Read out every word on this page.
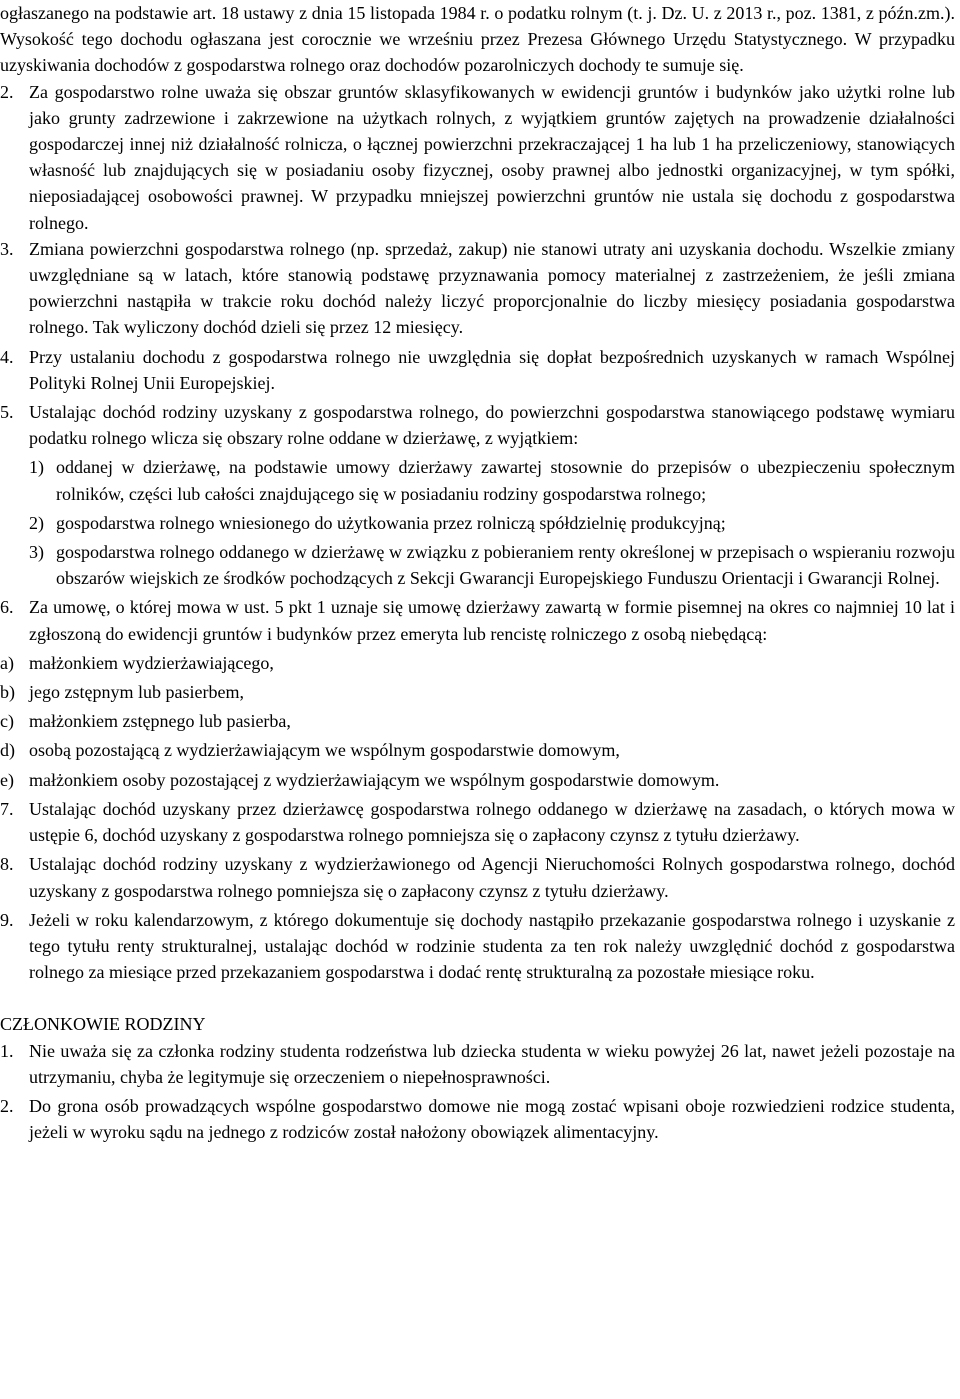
ogłaszanego na podstawie art. 18 ustawy z dnia 15 listopada 1984 r. o podatku rolnym (t. j. Dz. U. z 2013 r., poz. 1381, z późn.zm.). Wysokość tego dochodu ogłaszana jest corocznie we wrześniu przez Prezesa Głównego Urzędu Statystycznego. W przypadku uzyskiwania dochodów z gospodarstwa rolnego oraz dochodów pozarolniczych dochody te sumuje się.

2. Za gospodarstwo rolne uważa się obszar gruntów sklasyfikowanych w ewidencji gruntów i budynków jako użytki rolne lub jako grunty zadrzewione i zakrzewione na użytkach rolnych, z wyjątkiem gruntów zajętych na prowadzenie działalności gospodarczej innej niż działalność rolnicza, o łącznej powierzchni przekraczającej 1 ha lub 1 ha przeliczeniowy, stanowiących własność lub znajdujących się w posiadaniu osoby fizycznej, osoby prawnej albo jednostki organizacyjnej, w tym spółki, nieposiadającej osobowości prawnej. W przypadku mniejszej powierzchni gruntów nie ustala się dochodu z gospodarstwa rolnego.
3. Zmiana powierzchni gospodarstwa rolnego (np. sprzedaż, zakup) nie stanowi utraty ani uzyskania dochodu. Wszelkie zmiany uwzględniane są w latach, które stanowią podstawę przyznawania pomocy materialnej z zastrzeżeniem, że jeśli zmiana powierzchni nastąpiła w trakcie roku dochód należy liczyć proporcjonalnie do liczby miesięcy posiadania gospodarstwa rolnego. Tak wyliczony dochód dzieli się przez 12 miesięcy.
4. Przy ustalaniu dochodu z gospodarstwa rolnego nie uwzględnia się dopłat bezpośrednich uzyskanych w ramach Wspólnej Polityki Rolnej Unii Europejskiej.
5. Ustalając dochód rodziny uzyskany z gospodarstwa rolnego, do powierzchni gospodarstwa stanowiącego podstawę wymiaru podatku rolnego wlicza się obszary rolne oddane w dzierżawę, z wyjątkiem:
1) oddanej w dzierżawę, na podstawie umowy dzierżawy zawartej stosownie do przepisów o ubezpieczeniu społecznym rolników, części lub całości znajdującego się w posiadaniu rodziny gospodarstwa rolnego;
2) gospodarstwa rolnego wniesionego do użytkowania przez rolniczą spółdzielnię produkcyjną;
3) gospodarstwa rolnego oddanego w dzierżawę w związku z pobieraniem renty określonej w przepisach o wspieraniu rozwoju obszarów wiejskich ze środków pochodzących z Sekcji Gwarancji Europejskiego Funduszu Orientacji i Gwarancji Rolnej.
6. Za umowę, o której mowa w ust. 5 pkt 1 uznaje się umowę dzierżawy zawartą w formie pisemnej na okres co najmniej 10 lat i zgłoszoną do ewidencji gruntów i budynków przez emeryta lub rencistę rolniczego z osobą niebędącą:
a) małżonkiem wydzierżawiającego,
b) jego zstępnym lub pasierbem,
c) małżonkiem zstępnego lub pasierba,
d) osobą pozostającą z wydzierżawiającym we wspólnym gospodarstwie domowym,
e) małżonkiem osoby pozostającej z wydzierżawiającym we wspólnym gospodarstwie domowym.
7. Ustalając dochód uzyskany przez dzierżawcę gospodarstwa rolnego oddanego w dzierżawę na zasadach, o których mowa w ustępie 6, dochód uzyskany z gospodarstwa rolnego pomniejsza się o zapłacony czynsz z tytułu dzierżawy.
8. Ustalając dochód rodziny uzyskany z wydzierżawionego od Agencji Nieruchomości Rolnych gospodarstwa rolnego, dochód uzyskany z gospodarstwa rolnego pomniejsza się o zapłacony czynsz z tytułu dzierżawy.
9. Jeżeli w roku kalendarzowym, z którego dokumentuje się dochody nastąpiło przekazanie gospodarstwa rolnego i uzyskanie z tego tytułu renty strukturalnej, ustalając dochód w rodzinie studenta za ten rok należy uwzględnić dochód z gospodarstwa rolnego za miesiące przed przekazaniem gospodarstwa i dodać rentę strukturalną za pozostałe miesiące roku.

CZŁONKOWIE RODZINY

1. Nie uważa się za członka rodziny studenta rodzeństwa lub dziecka studenta w wieku powyżej 26 lat, nawet jeżeli pozostaje na utrzymaniu, chyba że legitymuje się orzeczeniem o niepełnosprawności.
2. Do grona osób prowadzących wspólne gospodarstwo domowe nie mogą zostać wpisani oboje rozwiedzieni rodzice studenta, jeżeli w wyroku sądu na jednego z rodziców został nałożony obowiązek alimentacyjny.
